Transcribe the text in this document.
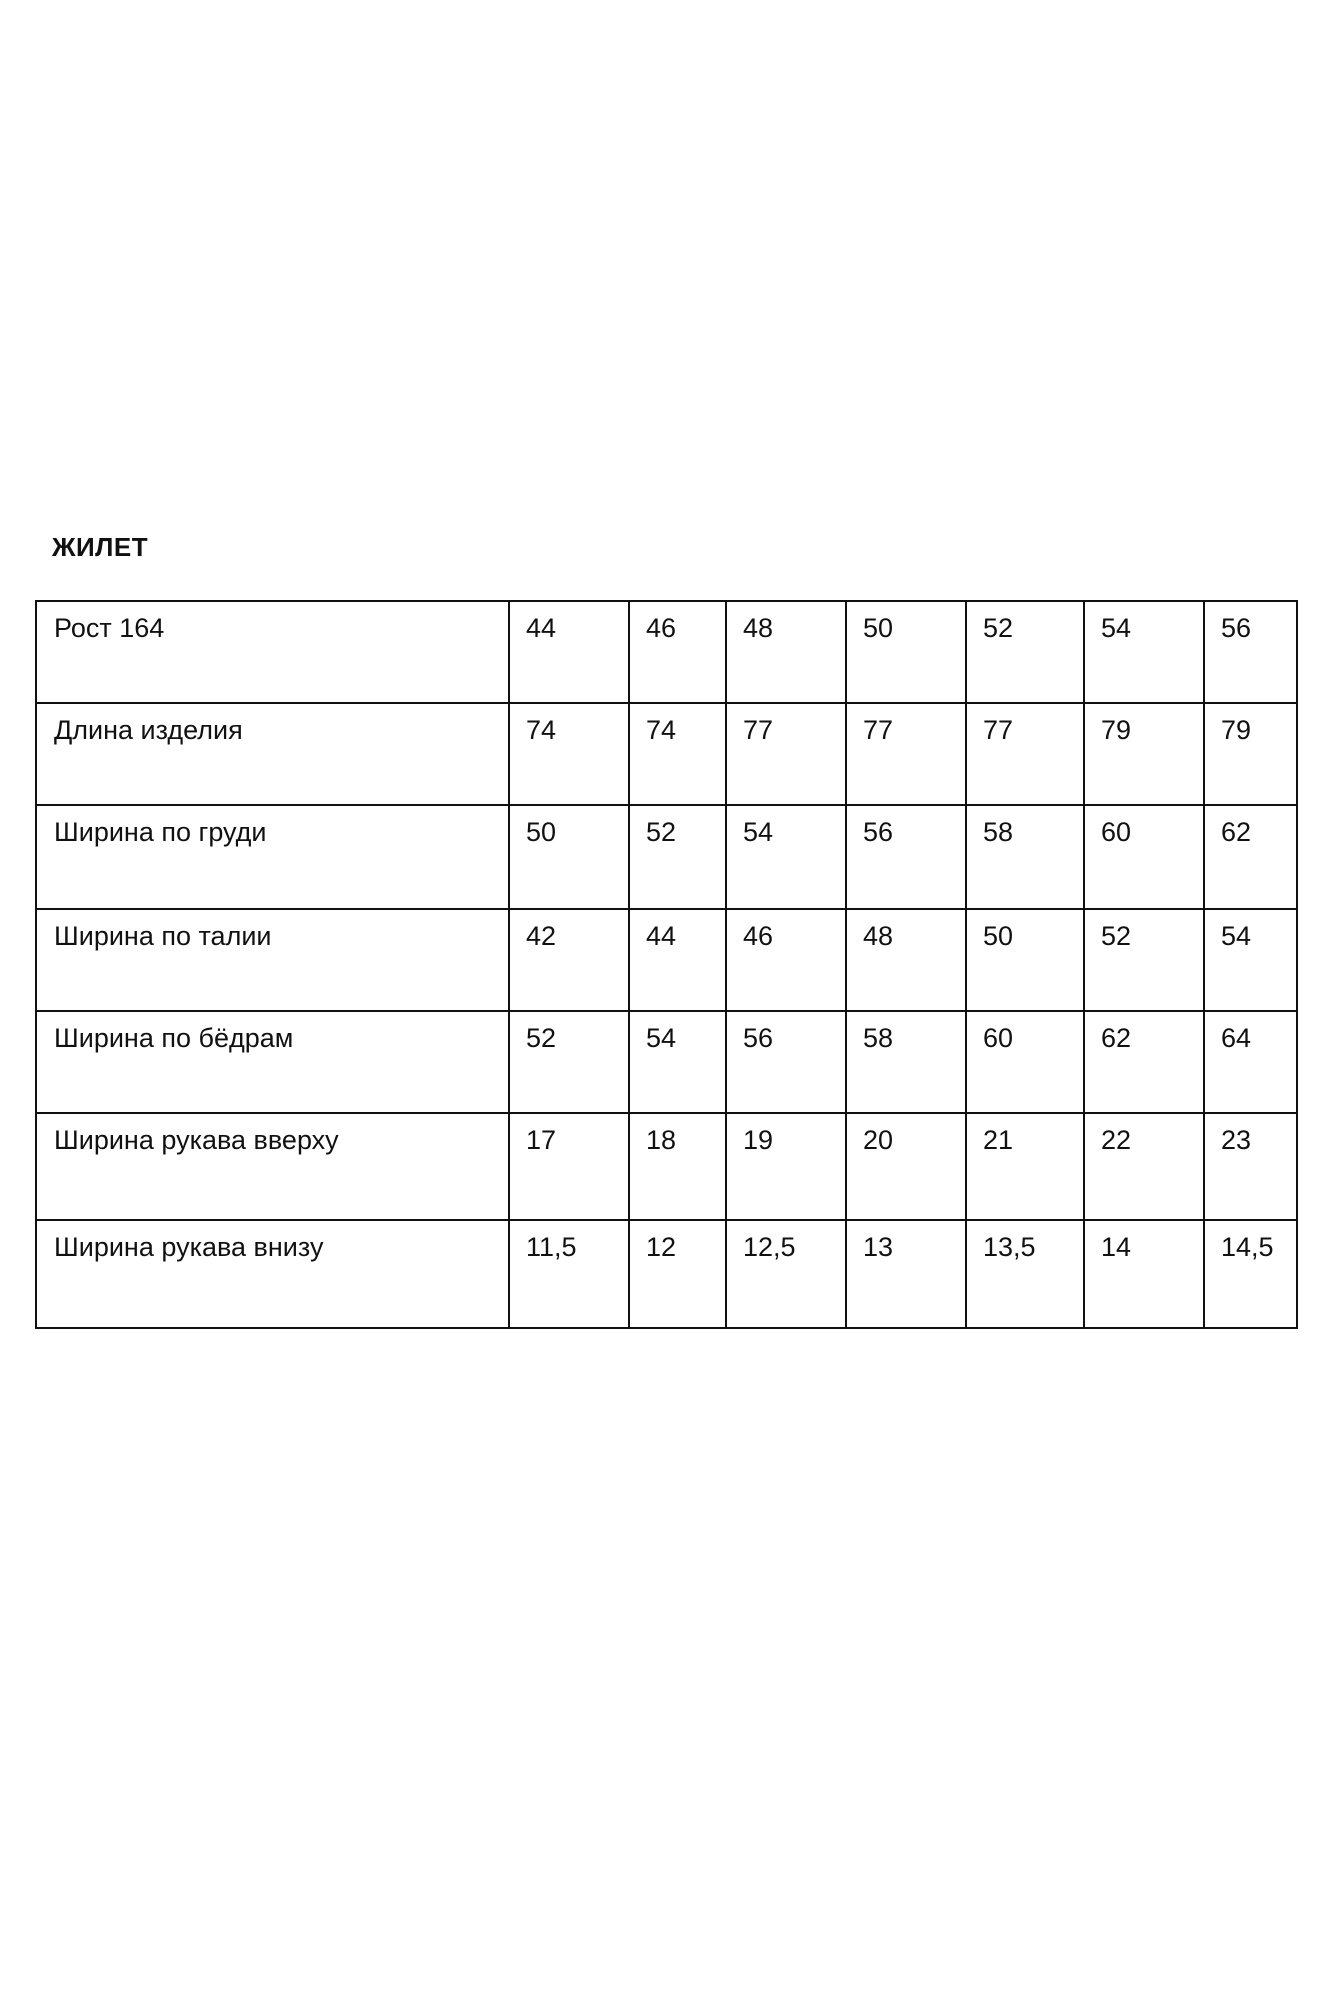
ЖИЛЕТ
Рост 164	44	46	48	50	52	54	56
Длина изделия	74	74	77	77	77	79	79
Ширина по груди	50	52	54	56	58	60	62
Ширина по талии	42	44	46	48	50	52	54
Ширина по бёдрам	52	54	56	58	60	62	64
Ширина рукава вверху	17	18	19	20	21	22	23
Ширина рукава внизу	11,5	12	12,5	13	13,5	14	14,5
